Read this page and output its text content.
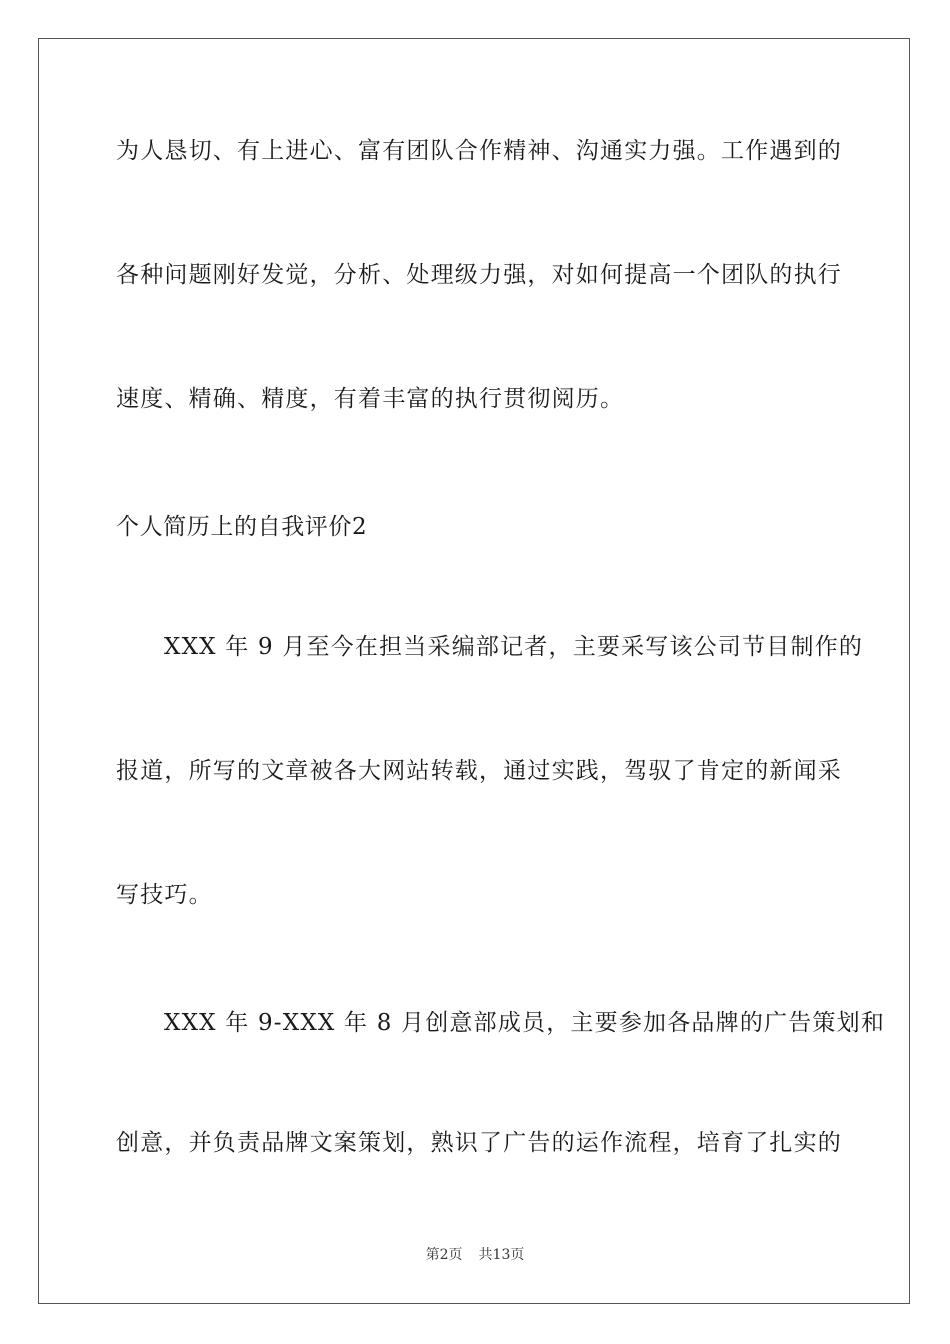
为人恳切、有上进心、富有团队合作精神、沟通实力强。工作遇到的
各种问题刚好发觉，分析、处理级力强，对如何提高一个团队的执行
速度、精确、精度，有着丰富的执行贯彻阅历。
个人简历上的自我评价2
XXX 年 9 月至今在担当采编部记者，主要采写该公司节目制作的
报道，所写的文章被各大网站转载，通过实践，驾驭了肯定的新闻采
写技巧。
XXX 年 9-XXX 年 8 月创意部成员，主要参加各品牌的广告策划和
创意，并负责品牌文案策划，熟识了广告的运作流程，培育了扎实的
第2页 共13页
